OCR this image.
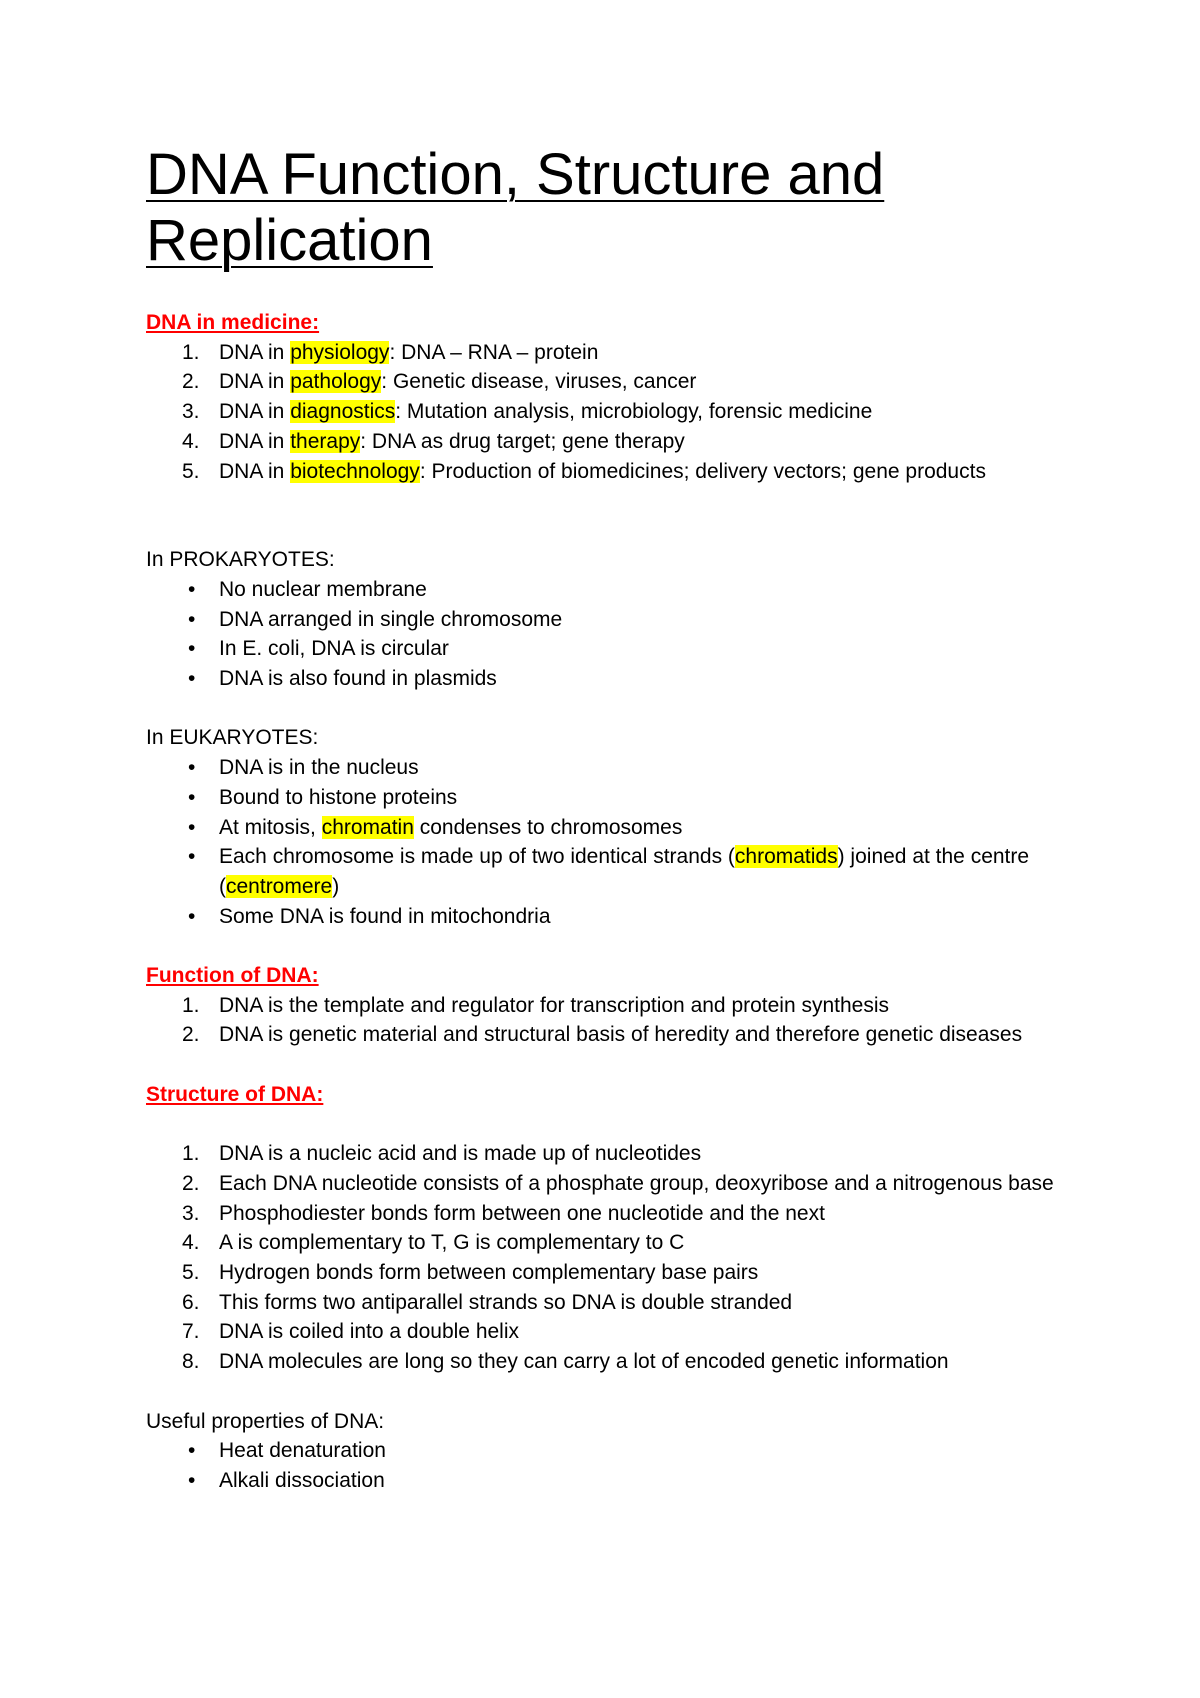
DNA Function, Structure and Replication

DNA in medicine:

1. DNA in physiology: DNA – RNA – protein
2. DNA in pathology: Genetic disease, viruses, cancer
3. DNA in diagnostics: Mutation analysis, microbiology, forensic medicine
4. DNA in therapy: DNA as drug target; gene therapy
5. DNA in biotechnology: Production of biomedicines; delivery vectors; gene products

In PROKARYOTES:

• No nuclear membrane
• DNA arranged in single chromosome
• In E. coli, DNA is circular
• DNA is also found in plasmids

In EUKARYOTES:

• DNA is in the nucleus
• Bound to histone proteins
• At mitosis, chromatin condenses to chromosomes
• Each chromosome is made up of two identical strands (chromatids) joined at the centre (centromere)
• Some DNA is found in mitochondria

Function of DNA:

1. DNA is the template and regulator for transcription and protein synthesis
2. DNA is genetic material and structural basis of heredity and therefore genetic diseases

Structure of DNA:

1. DNA is a nucleic acid and is made up of nucleotides
2. Each DNA nucleotide consists of a phosphate group, deoxyribose and a nitrogenous base
3. Phosphodiester bonds form between one nucleotide and the next
4. A is complementary to T, G is complementary to C
5. Hydrogen bonds form between complementary base pairs
6. This forms two antiparallel strands so DNA is double stranded
7. DNA is coiled into a double helix
8. DNA molecules are long so they can carry a lot of encoded genetic information

Useful properties of DNA:

• Heat denaturation
• Alkali dissociation
